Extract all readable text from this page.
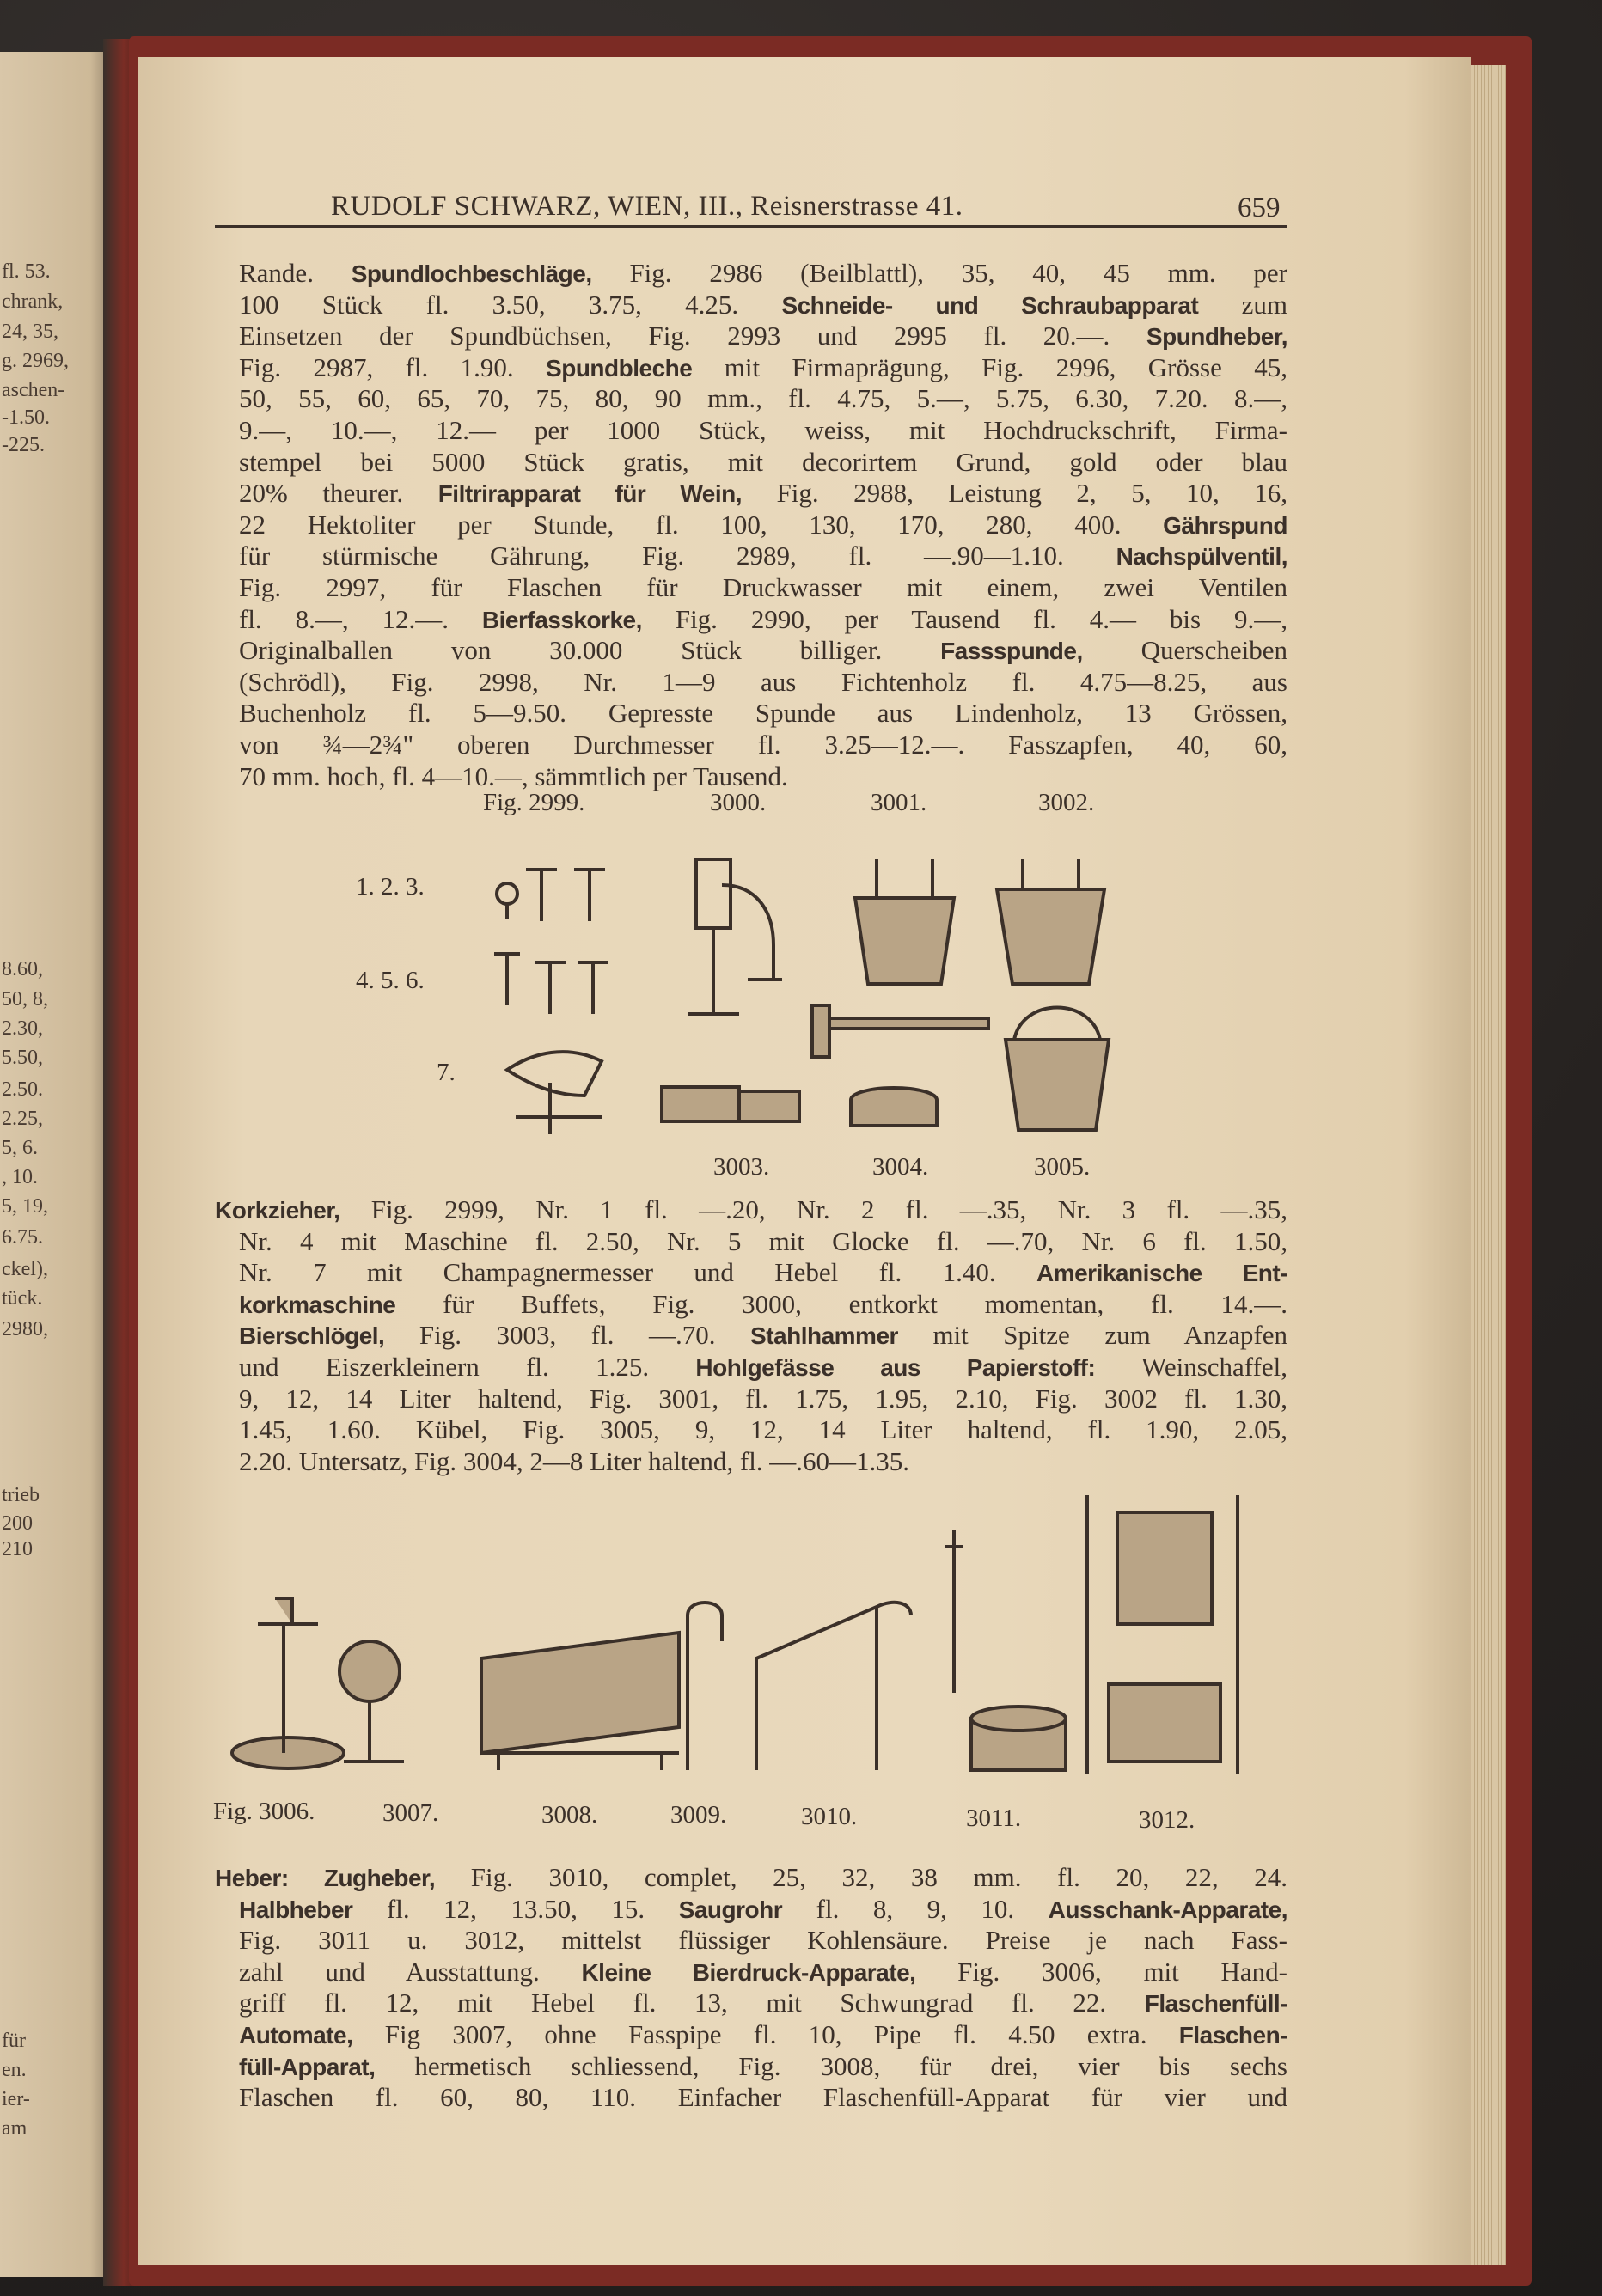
RUDOLF SCHWARZ, WIEN, III., Reisnerstrasse 41.	659
Rande. Spundlochbeschläge, Fig. 2986 (Beilblattl), 35, 40, 45 mm. per
100 Stück fl. 3.50, 3.75, 4.25. Schneide- und Schraubapparat zum
Einsetzen der Spundbüchsen, Fig. 2993 und 2995 fl. 20.—. Spundheber,
Fig. 2987, fl. 1.90. Spundbleche mit Firmaprägung, Fig. 2996, Grösse 45,
50, 55, 60, 65, 70, 75, 80, 90 mm., fl. 4.75, 5.—, 5.75, 6.30, 7.20. 8.—,
9.—, 10.—, 12.— per 1000 Stück, weiss, mit Hochdruckschrift, Firma-
stempel bei 5000 Stück gratis, mit decorirtem Grund, gold oder blau
20% theurer. Filtrirapparat für Wein, Fig. 2988, Leistung 2, 5, 10, 16,
22 Hektoliter per Stunde, fl. 100, 130, 170, 280, 400. Gährspund
für stürmische Gährung, Fig. 2989, fl. —.90—1.10. Nachspülventil,
Fig. 2997, für Flaschen für Druckwasser mit einem, zwei Ventilen
fl. 8.—, 12.—. Bierfasskorke, Fig. 2990, per Tausend fl. 4.— bis 9.—,
Originalballen von 30.000 Stück billiger. Fassspunde, Querscheiben
(Schrödl), Fig. 2998, Nr. 1—9 aus Fichtenholz fl. 4.75—8.25, aus
Buchenholz fl. 5—9.50. Gepresste Spunde aus Lindenholz, 13 Grössen,
von ¾—2¾" oberen Durchmesser fl. 3.25—12.—. Fasszapfen, 40, 60,
70 mm. hoch, fl. 4—10.—, sämmtlich per Tausend.
Korkzieher, Fig. 2999, Nr. 1 fl. —.20, Nr. 2 fl. —.35, Nr. 3 fl. —.35,
Nr. 4 mit Maschine fl. 2.50, Nr. 5 mit Glocke fl. —.70, Nr. 6 fl. 1.50,
Nr. 7 mit Champagnermesser und Hebel fl. 1.40. Amerikanische Ent-
korkmaschine für Buffets, Fig. 3000, entkorkt momentan, fl. 14.—.
Bierschlögel, Fig. 3003, fl. —.70. Stahlhammer mit Spitze zum Anzapfen
und Eiszerkleinern fl. 1.25. Hohlgefässe aus Papierstoff: Weinschaffel,
9, 12, 14 Liter haltend, Fig. 3001, fl. 1.75, 1.95, 2.10, Fig. 3002 fl. 1.30,
1.45, 1.60. Kübel, Fig. 3005, 9, 12, 14 Liter haltend, fl. 1.90, 2.05,
2.20. Untersatz, Fig. 3004, 2—8 Liter haltend, fl. —.60—1.35.
Heber: Zugheber, Fig. 3010, complet, 25, 32, 38 mm. fl. 20, 22, 24.
Halbheber fl. 12, 13.50, 15. Saugrohr fl. 8, 9, 10. Ausschank-Apparate,
Fig. 3011 u. 3012, mittelst flüssiger Kohlensäure. Preise je nach Fass-
zahl und Ausstattung. Kleine Bierdruck-Apparate, Fig. 3006, mit Hand-
griff fl. 12, mit Hebel fl. 13, mit Schwungrad fl. 22. Flaschenfüll-
Automate, Fig 3007, ohne Fasspipe fl. 10, Pipe fl. 4.50 extra. Flaschen-
füll-Apparat, hermetisch schliessend, Fig. 3008, für drei, vier bis sechs
Flaschen fl. 60, 80, 110. Einfacher Flaschenfüll-Apparat für vier und
Fig. 2999.	3000.	3001.	3002.
1. 2. 3.
4. 5. 6.
7.
3003.	3004.	3005.
Fig. 3006.	3007.	3008.	3009.	3010.	3011.	3012.
fl. 53.
chrank,
24, 35,
g. 2969,
aschen-
-1.50.
-225.
8.60,
50, 8,
2.30,
5.50,
2.50.
2.25,
5, 6.
, 10.
5, 19,
6.75.
ckel),
tück.
2980,
trieb
200
210
für
en.
ier-
am
